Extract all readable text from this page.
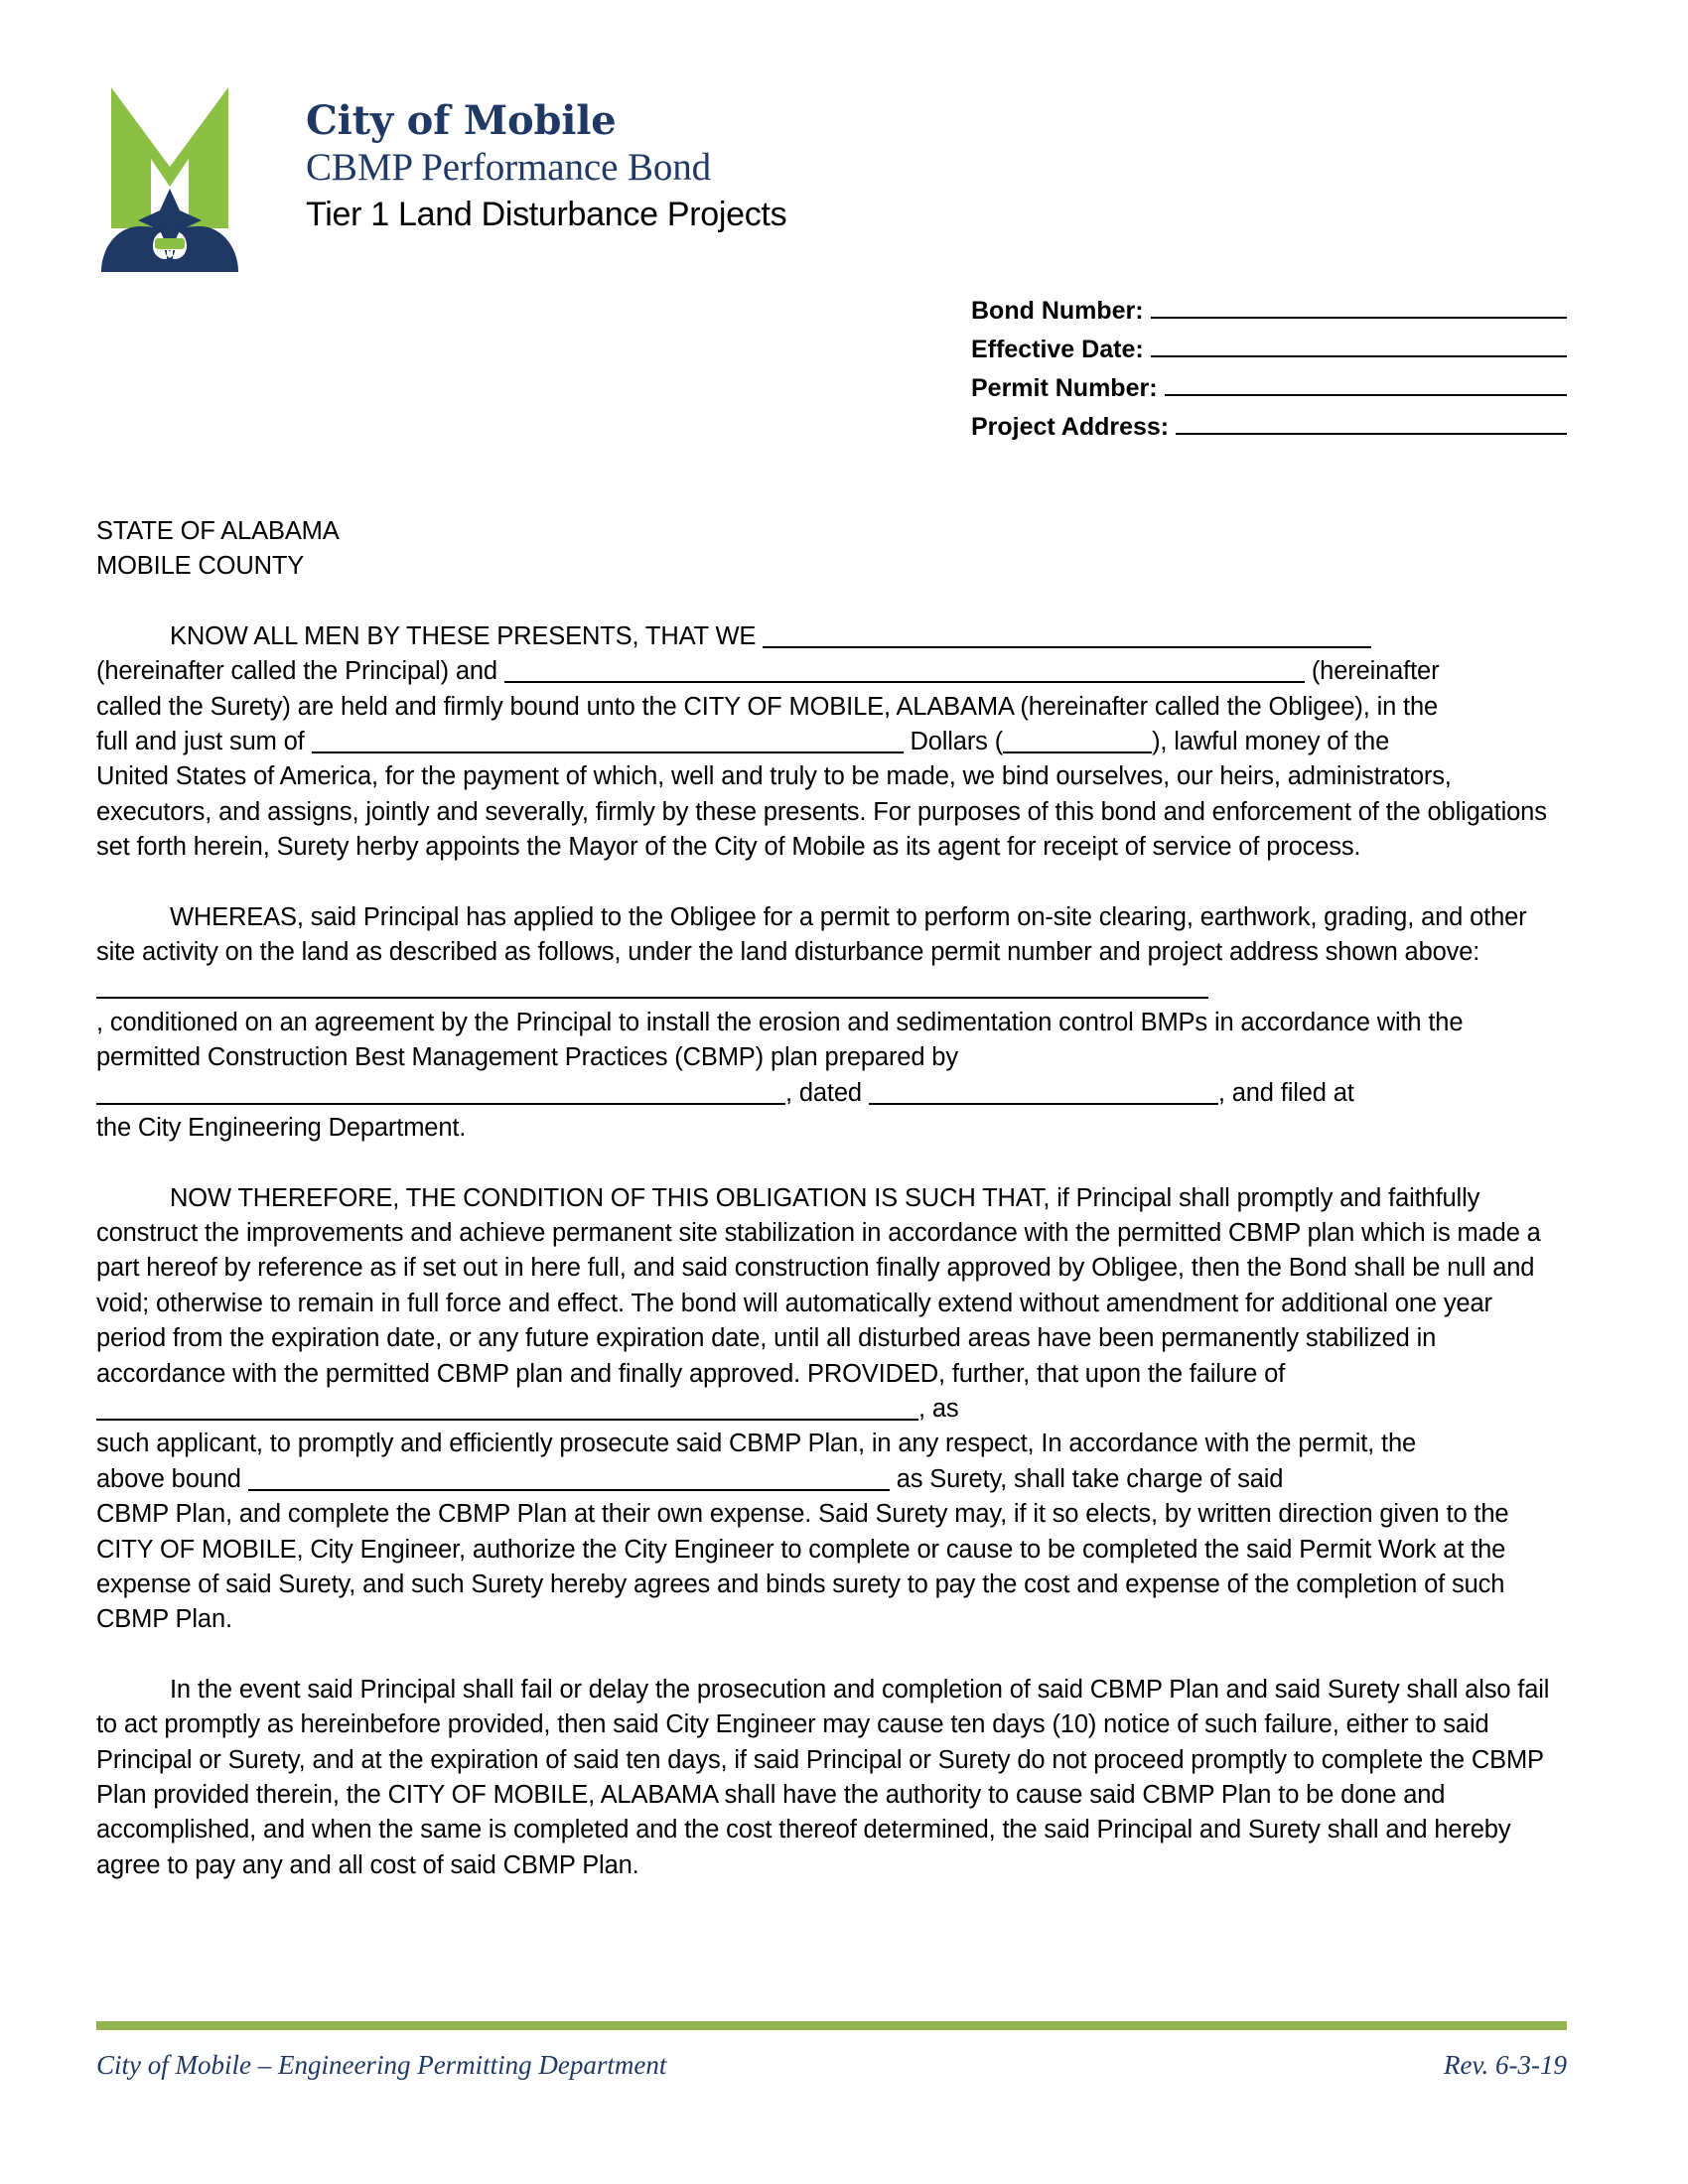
City of Mobile
CBMP Performance Bond
Tier 1 Land Disturbance Projects
Bond Number:
Effective Date:
Permit Number:
Project Address:
STATE OF ALABAMA
MOBILE COUNTY

KNOW ALL MEN BY THESE PRESENTS, THAT WE
(hereinafter called the Principal) and	(hereinafter
called the Surety) are held and firmly bound unto the CITY OF MOBILE, ALABAMA (hereinafter called the Obligee), in the
full and just sum of	Dollars (	), lawful money of the
United States of America, for the payment of which, well and truly to be made, we bind ourselves, our heirs, administrators, executors, and assigns, jointly and severally, firmly by these presents. For purposes of this bond and enforcement of the obligations set forth herein, Surety herby appoints the Mayor of the City of Mobile as its agent for receipt of service of process.

WHEREAS, said Principal has applied to the Obligee for a permit to perform on-site clearing, earthwork, grading, and other site activity on the land as described as follows, under the land disturbance permit number and project address shown above:
, conditioned on an agreement by the Principal to install the erosion and sedimentation control BMPs in accordance with the permitted Construction Best Management Practices (CBMP) plan prepared by
, dated	, and filed at
the City Engineering Department.

NOW THEREFORE, THE CONDITION OF THIS OBLIGATION IS SUCH THAT, if Principal shall promptly and faithfully construct the improvements and achieve permanent site stabilization in accordance with the permitted CBMP plan which is made a part hereof by reference as if set out in here full, and said construction finally approved by Obligee, then the Bond shall be null and void; otherwise to remain in full force and effect. The bond will automatically extend without amendment for additional one year period from the expiration date, or any future expiration date, until all disturbed areas have been permanently stabilized in accordance with the permitted CBMP plan and finally approved. PROVIDED, further, that upon the failure of , as
such applicant, to promptly and efficiently prosecute said CBMP Plan, in any respect, In accordance with the permit, the
above bound	as Surety, shall take charge of said
CBMP Plan, and complete the CBMP Plan at their own expense. Said Surety may, if it so elects, by written direction given to the CITY OF MOBILE, City Engineer, authorize the City Engineer to complete or cause to be completed the said Permit Work at the expense of said Surety, and such Surety hereby agrees and binds surety to pay the cost and expense of the completion of such CBMP Plan.

In the event said Principal shall fail or delay the prosecution and completion of said CBMP Plan and said Surety shall also fail to act promptly as hereinbefore provided, then said City Engineer may cause ten days (10) notice of such failure, either to said Principal or Surety, and at the expiration of said ten days, if said Principal or Surety do not proceed promptly to complete the CBMP Plan provided therein, the CITY OF MOBILE, ALABAMA shall have the authority to cause said CBMP Plan to be done and accomplished, and when the same is completed and the cost thereof determined, the said Principal and Surety shall and hereby agree to pay any and all cost of said CBMP Plan.

City of Mobile – Engineering Permitting Department	Rev. 6-3-19
